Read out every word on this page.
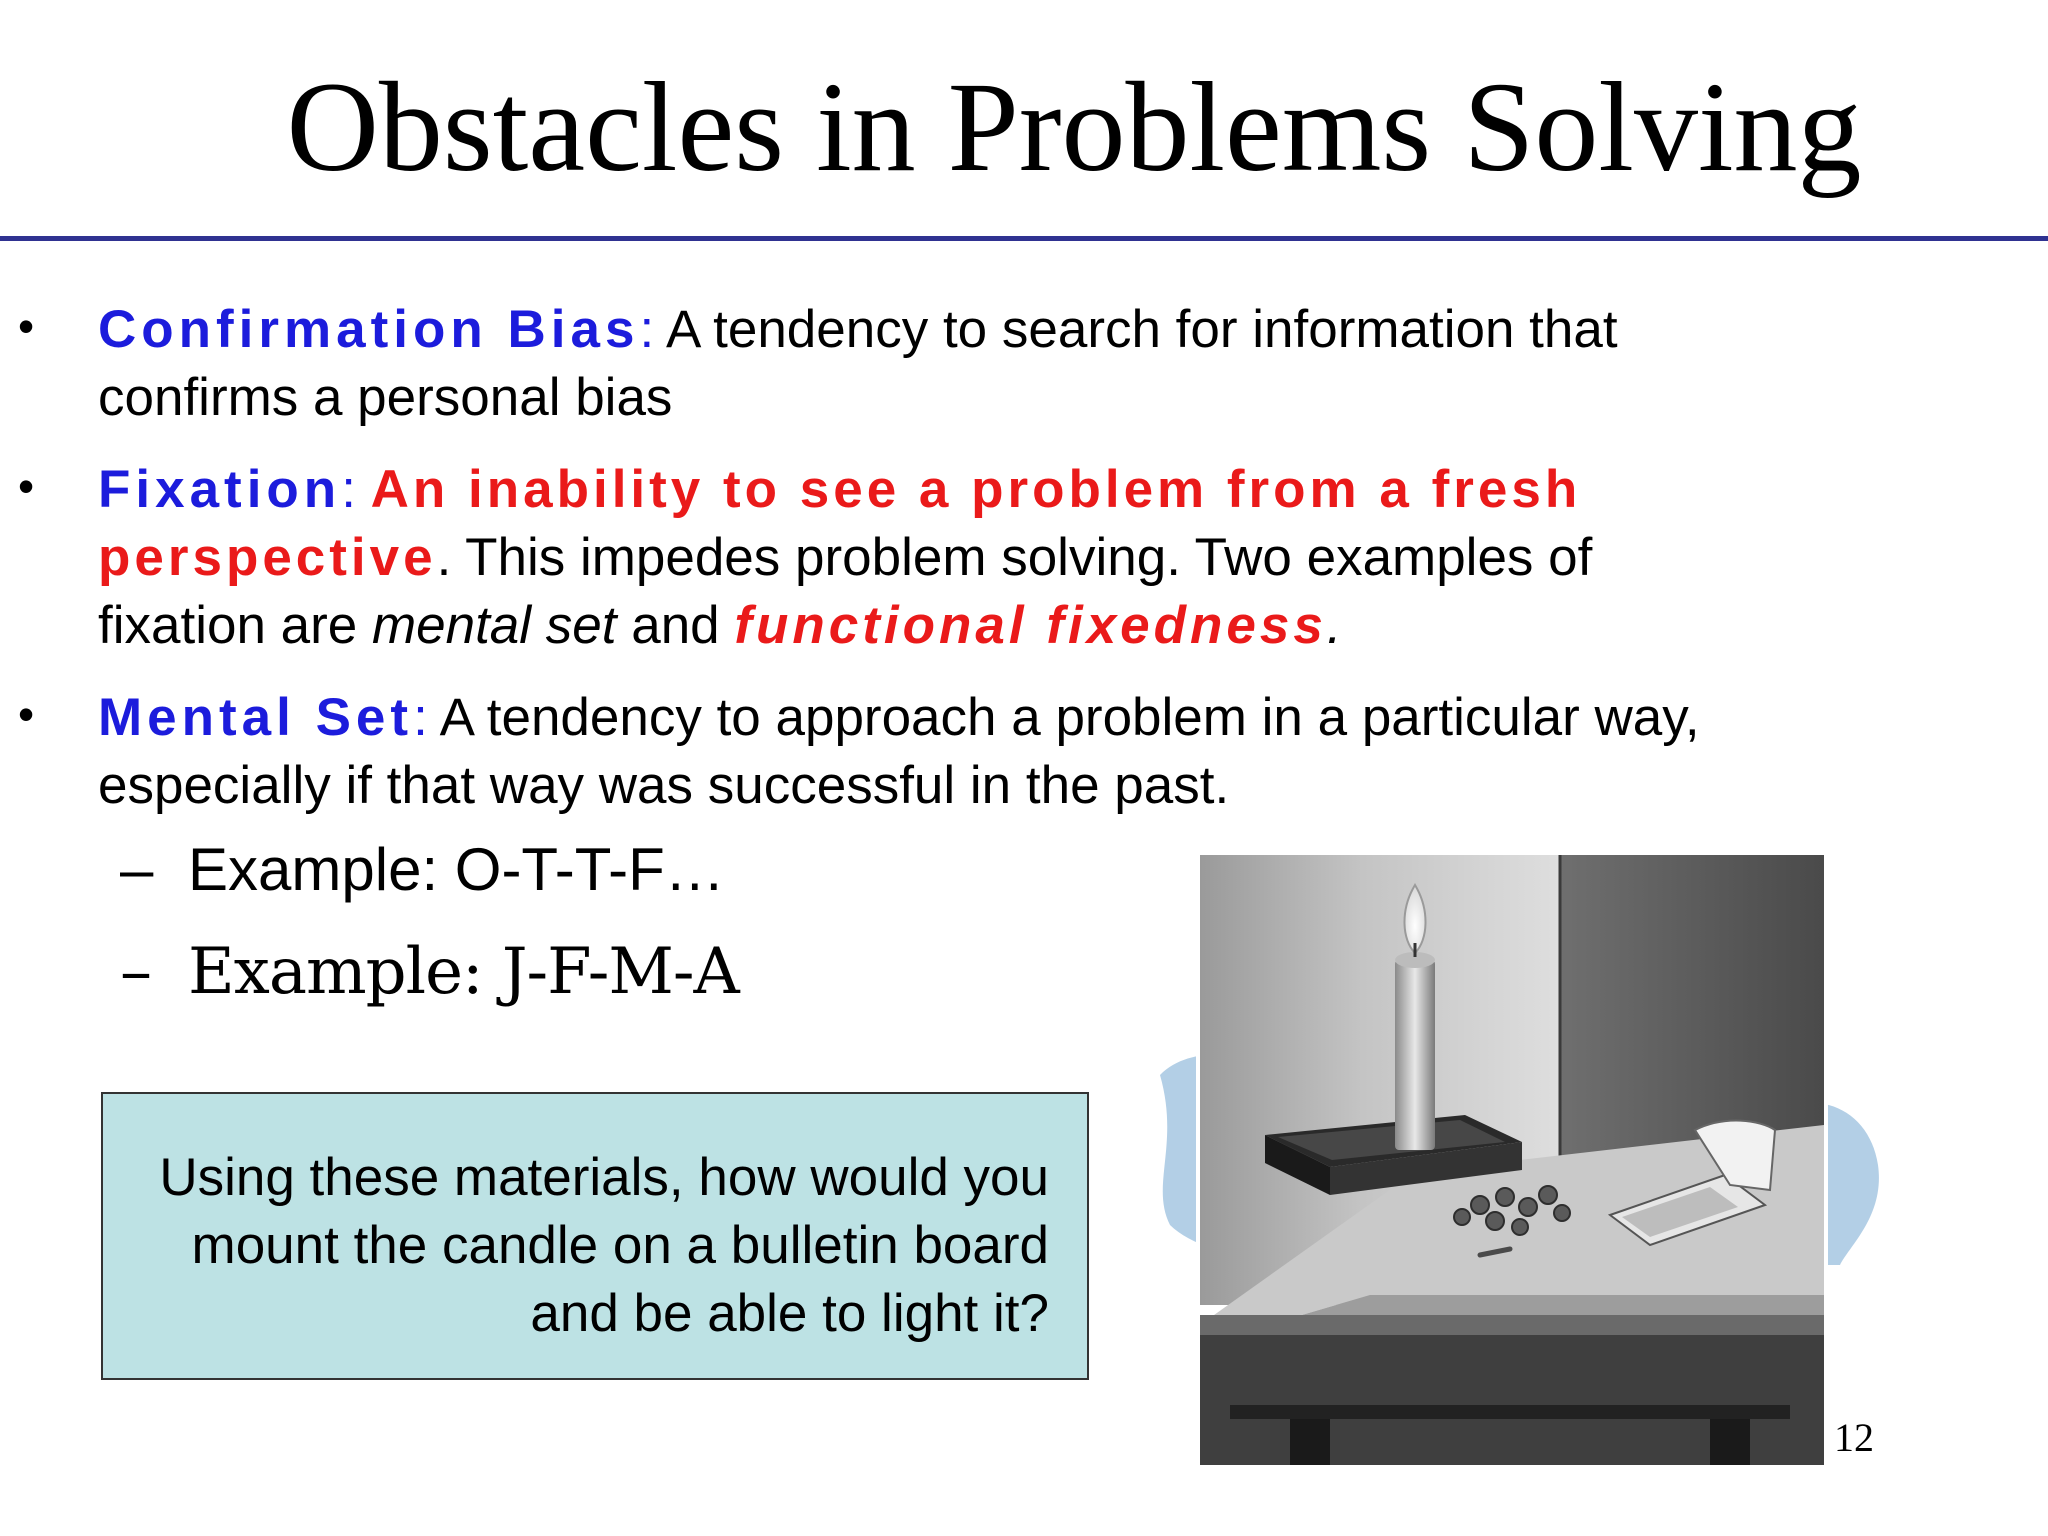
Obstacles in Problems Solving
• Confirmation Bias: A tendency to search for information that confirms a personal bias
• Fixation: An inability to see a problem from a fresh perspective. This impedes problem solving. Two examples of fixation are mental set and functional fixedness.
• Mental Set: A tendency to approach a problem in a particular way, especially if that way was successful in the past.
– Example: O-T-T-F…
– Example: J-F-M-A
Using these materials, how would you mount the candle on a bulletin board and be able to light it?
12
